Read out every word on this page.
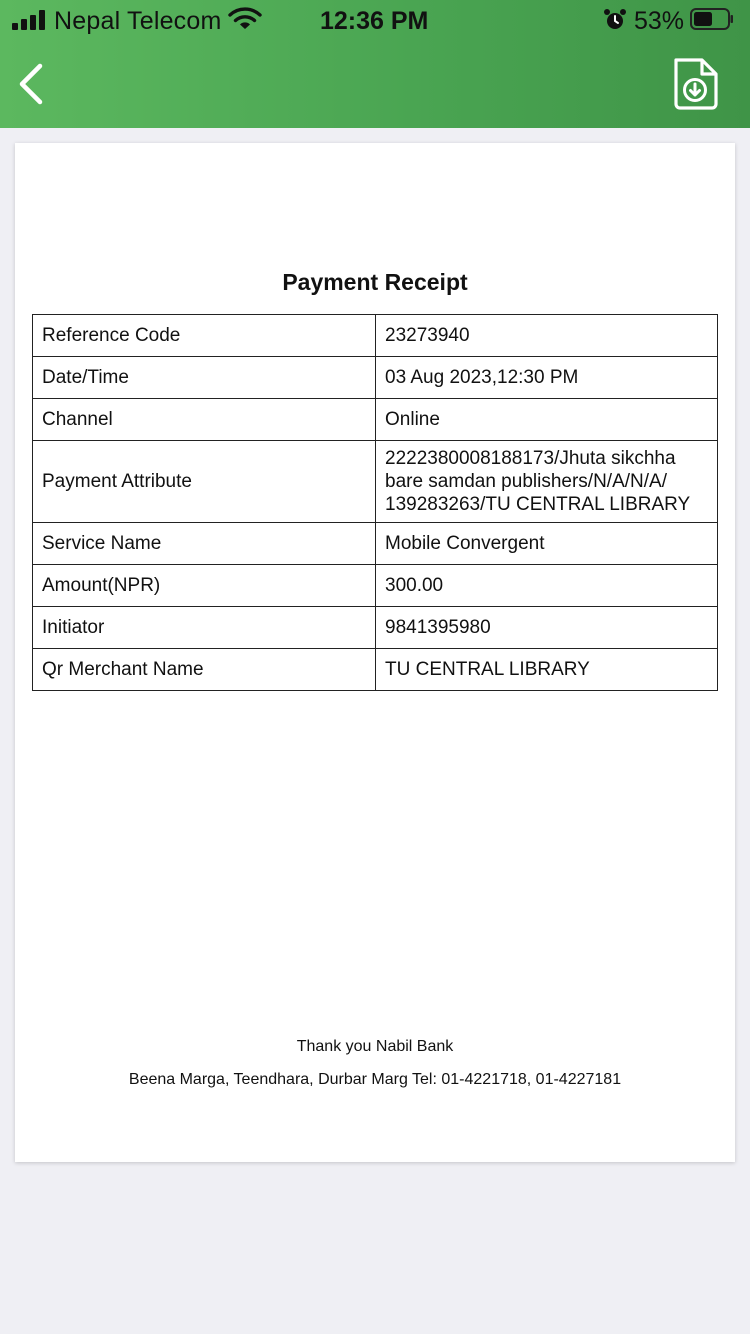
Nepal Telecom	12:36 PM	53%
Payment Receipt
Reference Code	23273940
Date/Time	03 Aug 2023,12:30 PM
Channel	Online
Payment Attribute	2222380008188173/Jhuta sikchha bare samdan publishers/N/A/N/A/ 139283263/TU CENTRAL LIBRARY
Service Name	Mobile Convergent
Amount(NPR)	300.00
Initiator	9841395980
Qr Merchant Name	TU CENTRAL LIBRARY
Thank you Nabil Bank
Beena Marga, Teendhara, Durbar Marg Tel: 01-4221718, 01-4227181
